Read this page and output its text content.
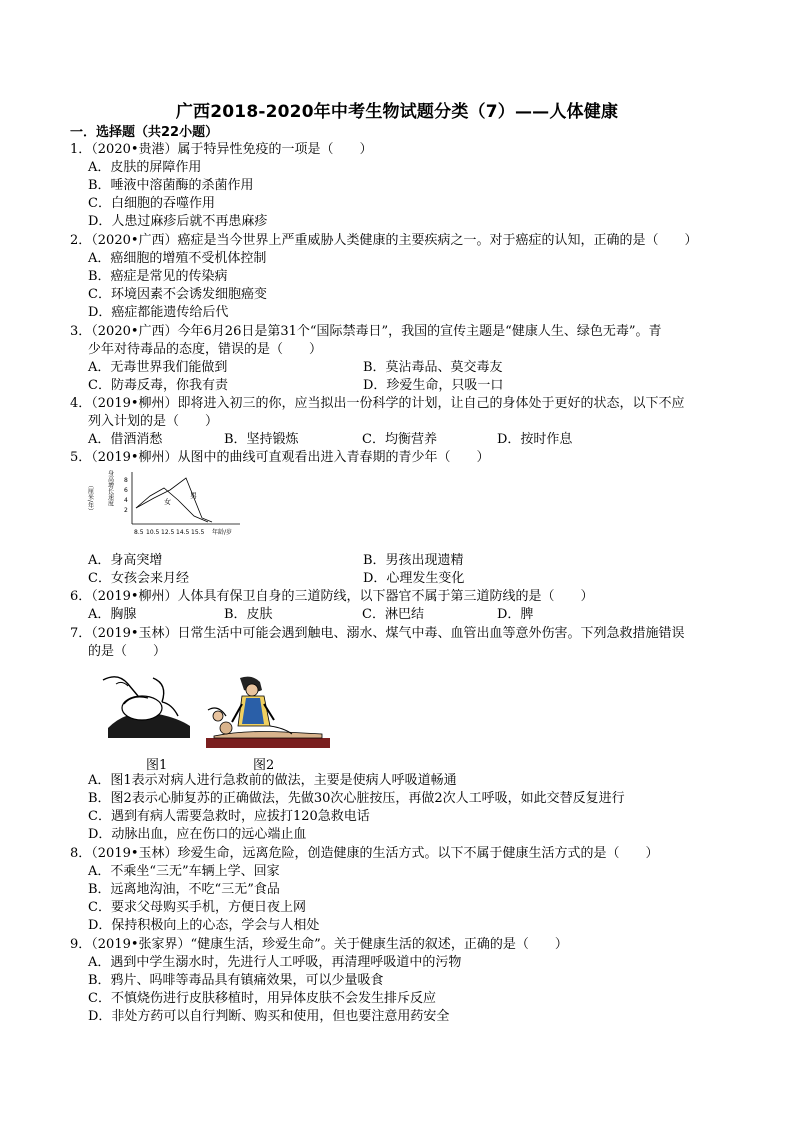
广西2018-2020年中考生物试题分类（7）——人体健康
一．选择题（共22小题）
1．（2020•贵港）属于特异性免疫的一项是（　　）
A．皮肤的屏障作用
B．唾液中溶菌酶的杀菌作用
C．白细胞的吞噬作用
D．人患过麻疹后就不再患麻疹
2．（2020•广西）癌症是当今世界上严重威胁人类健康的主要疾病之一。对于癌症的认知，正确的是（　　）
A．癌细胞的增殖不受机体控制
B．癌症是常见的传染病
C．环境因素不会诱发细胞癌变
D．癌症都能遗传给后代
3．（2020•广西）今年6月26日是第31个“国际禁毒日”，我国的宣传主题是“健康人生、绿色无毒”。青
少年对待毒品的态度，错误的是（　　）
A．无毒世界我们能做到	B．莫沾毒品、莫交毒友
C．防毒反毒，你我有责	D．珍爱生命，只吸一口
4．（2019•柳州）即将进入初三的你，应当拟出一份科学的计划，让自己的身体处于更好的状态，以下不应
列入计划的是（　　）
A．借酒消愁	B．坚持锻炼	C．均衡营养	D．按时作息
5．（2019•柳州）从图中的曲线可直观看出进入青春期的青少年（　　）
（厘米/年） 身高增长速度 8
6
4
2
男
女
8.5 10.5 12.5 14.5 15.5 年龄/岁
A．身高突增	B．男孩出现遗精
C．女孩会来月经	D．心理发生变化
6．（2019•柳州）人体具有保卫自身的三道防线，以下器官不属于第三道防线的是（　　）
A．胸腺	B．皮肤	C．淋巴结	D．脾
7．（2019•玉林）日常生活中可能会遇到触电、溺水、煤气中毒、血管出血等意外伤害。下列急救措施错误
的是（　　）
图1	图2
A．图1表示对病人进行急救前的做法，主要是使病人呼吸道畅通
B．图2表示心肺复苏的正确做法，先做30次心脏按压，再做2次人工呼吸，如此交替反复进行
C．遇到有病人需要急救时，应拔打120急救电话
D．动脉出血，应在伤口的远心端止血
8．（2019•玉林）珍爱生命，远离危险，创造健康的生活方式。以下不属于健康生活方式的是（　　）
A．不乘坐“三无”车辆上学、回家
B．远离地沟油，不吃“三无”食品
C．要求父母购买手机，方便日夜上网
D．保持积极向上的心态，学会与人相处
9．（2019•张家界）“健康生活，珍爱生命”。关于健康生活的叙述，正确的是（　　）
A．遇到中学生溺水时，先进行人工呼吸，再清理呼吸道中的污物
B．鸦片、吗啡等毒品具有镇痛效果，可以少量吸食
C．不慎烧伤进行皮肤移植时，用异体皮肤不会发生排斥反应
D．非处方药可以自行判断、购买和使用，但也要注意用药安全
